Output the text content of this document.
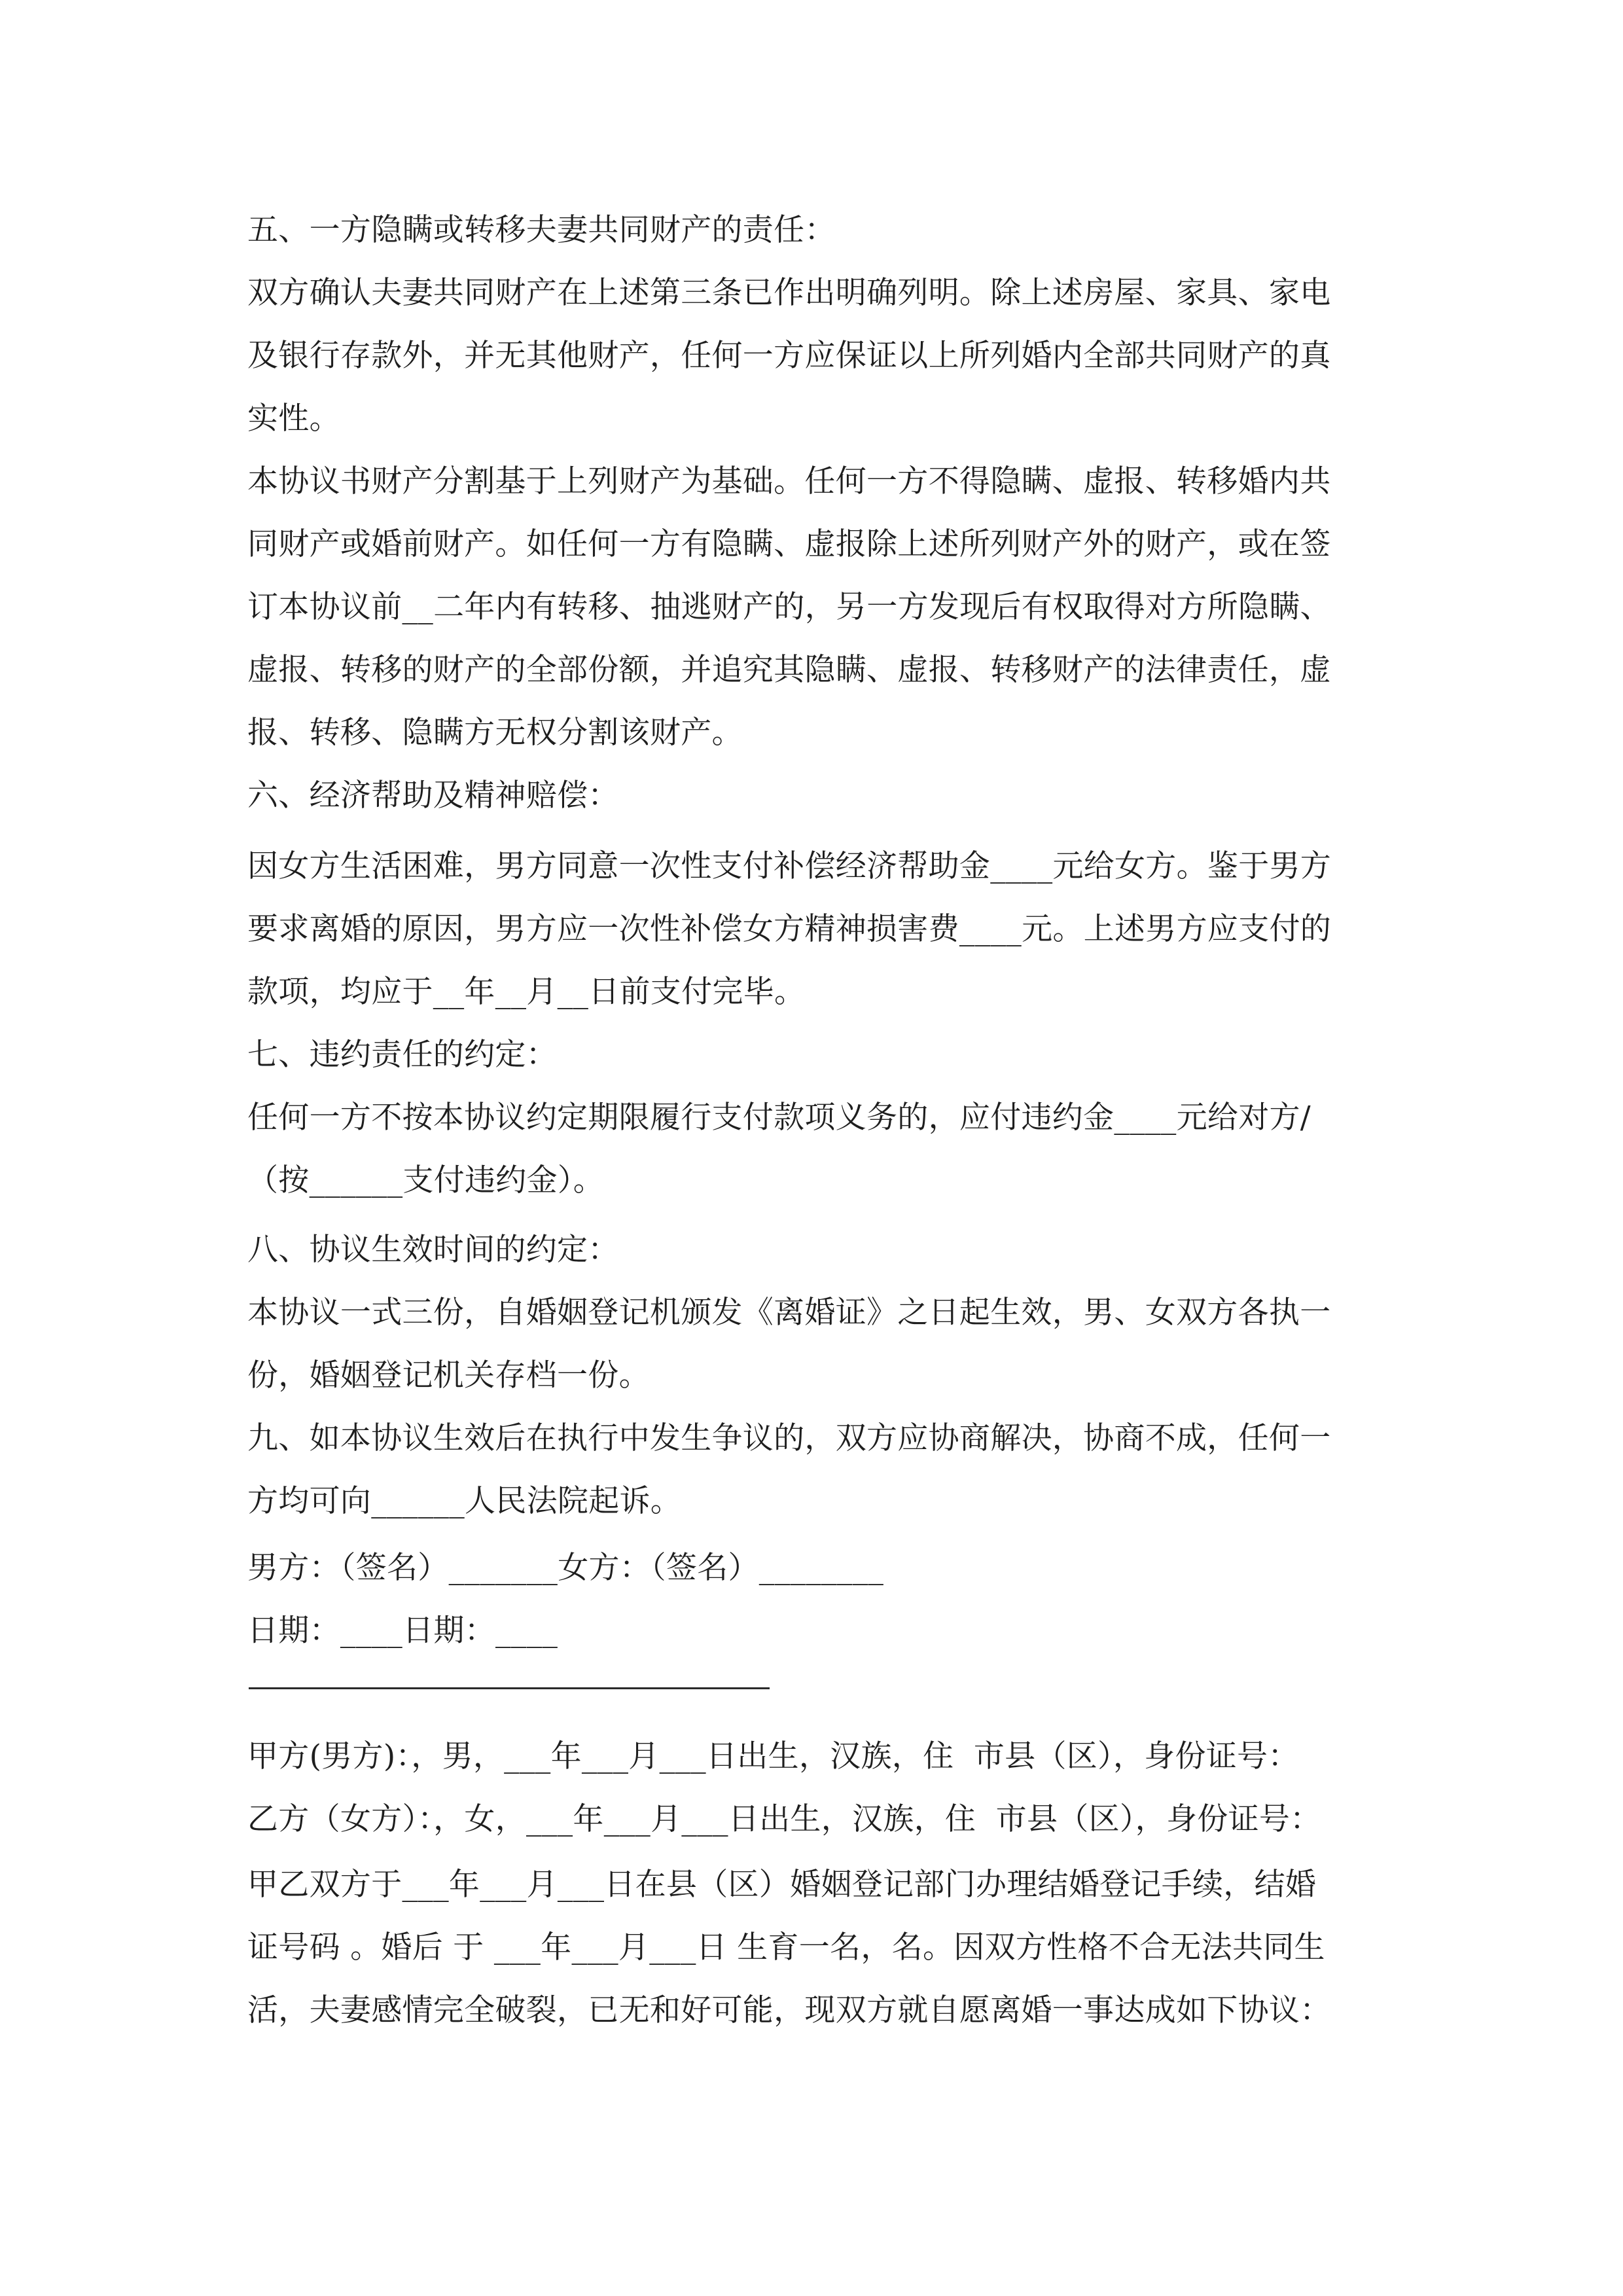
五、一方隐瞒或转移夫妻共同财产的责任：
双方确认夫妻共同财产在上述第三条已作出明确列明。除上述房屋、家具、家电
及银行存款外，并无其他财产，任何一方应保证以上所列婚内全部共同财产的真
实性。
本协议书财产分割基于上列财产为基础。任何一方不得隐瞒、虚报、转移婚内共
同财产或婚前财产。如任何一方有隐瞒、虚报除上述所列财产外的财产，或在签
订本协议前__二年内有转移、抽逃财产的，另一方发现后有权取得对方所隐瞒、
虚报、转移的财产的全部份额，并追究其隐瞒、虚报、转移财产的法律责任，虚
报、转移、隐瞒方无权分割该财产。
六、经济帮助及精神赔偿：
因女方生活困难，男方同意一次性支付补偿经济帮助金____元给女方。鉴于男方
要求离婚的原因，男方应一次性补偿女方精神损害费____元。上述男方应支付的
款项，均应于__年__月__日前支付完毕。
七、违约责任的约定：
任何一方不按本协议约定期限履行支付款项义务的，应付违约金____元给对方/
（按______支付违约金）。
八、协议生效时间的约定：
本协议一式三份，自婚姻登记机颁发《离婚证》之日起生效，男、女双方各执一
份，婚姻登记机关存档一份。
九、如本协议生效后在执行中发生争议的，双方应协商解决，协商不成，任何一
方均可向______人民法院起诉。
男方：（签名）_______女方：（签名）________
日期：____日期：____
甲方(男方)：，男，___年___月___日出生，汉族，住  市县（区），身份证号：
乙方（女方）：，女，___年___月___日出生，汉族，住  市县（区），身份证号：
甲乙双方于___年___月___日在县（区）婚姻登记部门办理结婚登记手续，结婚
证号码 。婚后 于 ___年___月___日 生育一名，名。因双方性格不合无法共同生
活，夫妻感情完全破裂，已无和好可能，现双方就自愿离婚一事达成如下协议：
